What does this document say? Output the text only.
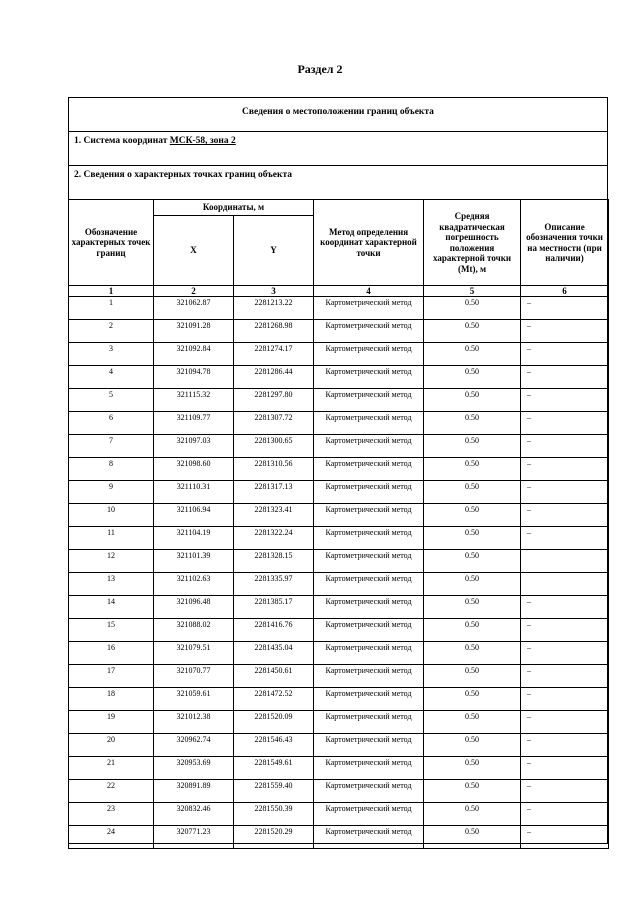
Раздел 2
Сведения о местоположении границ объекта
1. Система координат МСК-58, зона 2
2. Сведения о характерных точках границ объекта
Обозначение характерных точек границ	Координаты, м		Метод определения координат характерной точки	Средняя квадратическая погрешность положения характерной точки (Mt), м	Описание обозначения точки на местности (при наличии)
	X	Y			
1	2	3	4	5	6
1	321062.87	2281213.22	Картометрический метод	0.50	–
2	321091.28	2281268.98	Картометрический метод	0.50	–
3	321092.84	2281274.17	Картометрический метод	0.50	–
4	321094.78	2281286.44	Картометрический метод	0.50	–
5	321115.32	2281297.80	Картометрический метод	0.50	–
6	321109.77	2281307.72	Картометрический метод	0.50	–
7	321097.03	2281300.65	Картометрический метод	0.50	–
8	321098.60	2281310.56	Картометрический метод	0.50	–
9	321110.31	2281317.13	Картометрический метод	0.50	–
10	321106.94	2281323.41	Картометрический метод	0.50	–
11	321104.19	2281322.24	Картометрический метод	0.50	–
12	321101.39	2281328.15	Картометрический метод	0.50	
13	321102.63	2281335.97	Картометрический метод	0.50	
14	321096.48	2281385.17	Картометрический метод	0.50	–
15	321088.02	2281416.76	Картометрический метод	0.50	–
16	321079.51	2281435.04	Картометрический метод	0.50	–
17	321070.77	2281450.61	Картометрический метод	0.50	–
18	321059.61	2281472.52	Картометрический метод	0.50	–
19	321012.38	2281520.09	Картометрический метод	0.50	–
20	320962.74	2281546.43	Картометрический метод	0.50	–
21	320953.69	2281549.61	Картометрический метод	0.50	–
22	320891.89	2281559.40	Картометрический метод	0.50	–
23	320832.46	2281550.39	Картометрический метод	0.50	–
24	320771.23	2281520.29	Картометрический метод	0.50	–
